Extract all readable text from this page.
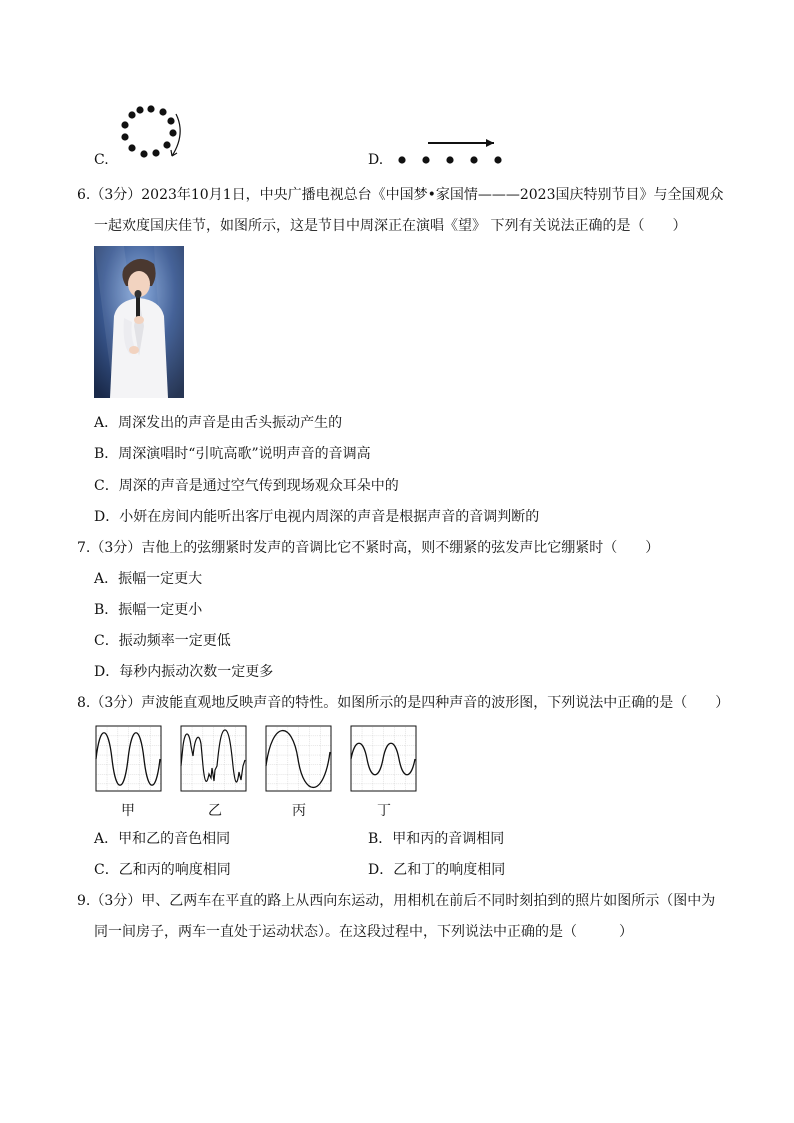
C.	D.
6.（3分）2023年10月1日，中央广播电视总台《中国梦•家国情———2023国庆特别节目》与全国观众
一起欢度国庆佳节，如图所示，这是节目中周深正在演唱《望》 下列有关说法正确的是（　　）
A．周深发出的声音是由舌头振动产生的
B．周深演唱时“引吭高歌”说明声音的音调高
C．周深的声音是通过空气传到现场观众耳朵中的
D．小妍在房间内能听出客厅电视内周深的声音是根据声音的音调判断的
7.（3分）吉他上的弦绷紧时发声的音调比它不紧时高，则不绷紧的弦发声比它绷紧时（　　）
A．振幅一定更大
B．振幅一定更小
C．振动频率一定更低
D．每秒内振动次数一定更多
8.（3分）声波能直观地反映声音的特性。如图所示的是四种声音的波形图，下列说法中正确的是（　　）
甲	乙	丙	丁
A．甲和乙的音色相同	B．甲和丙的音调相同
C．乙和丙的响度相同	D．乙和丁的响度相同
9.（3分）甲、乙两车在平直的路上从西向东运动，用相机在前后不同时刻拍到的照片如图所示（图中为
同一间房子，两车一直处于运动状态）。在这段过程中，下列说法中正确的是（　　　）
